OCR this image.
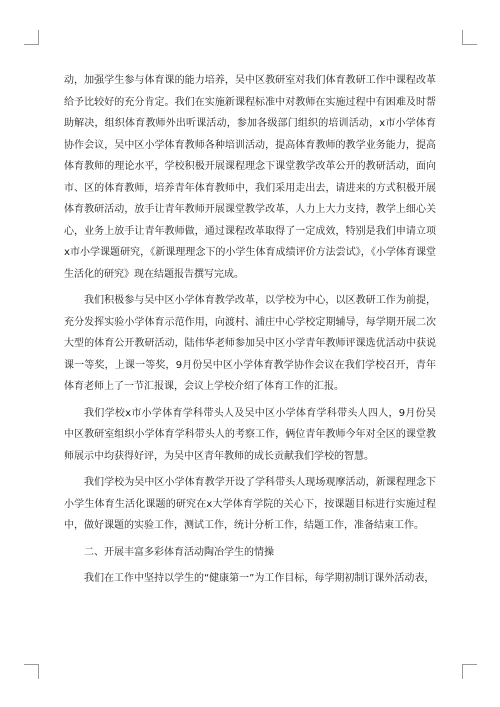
动，加强学生参与体育课的能力培养，吴中区教研室对我们体育教研工作中课程改革给予比较好的充分肯定。我们在实施新课程标准中对教师在实施过程中有困难及时帮助解决，组织体育教师外出听课活动，参加各级部门组织的培训活动，x市小学体育协作会议，吴中区小学体育教师各种培训活动，提高体育教师的教学业务能力，提高体育教师的理论水平，学校积极开展课程理念下课堂教学改革公开的教研活动，面向市、区的体育教师，培养青年体育教师中，我们采用走出去，请进来的方式积极开展体育教研活动，放手让青年教师开展课堂教学改革，人力上大力支持，教学上细心关心，业务上放手让青年教师做，通过课程改革取得了一定成效，特别是我们申请立项x市小学课题研究，《新课理理念下的小学生体育成绩评价方法尝试》，《小学体育课堂生活化的研究》现在结题报告撰写完成。

我们积极参与吴中区小学体育教学改革，以学校为中心，以区教研工作为前提，充分发挥实验小学体育示范作用，向渡村、浦庄中心学校定期辅导，每学期开展二次大型的体育公开教研活动，陆伟华老师参加吴中区小学青年教师评课选优活动中获说课一等奖，上课一等奖，9月份吴中区小学体育教学协作会议在我们学校召开，青年体育老师上了一节汇报课，会议上学校介绍了体育工作的汇报。

我们学校x市小学体育学科带头人及吴中区小学体育学科带头人四人，9月份吴中区教研室组织小学体育学科带头人的考察工作，俩位青年教师今年对全区的课堂教师展示中均获得好评，为吴中区青年教师的成长贡献我们学校的智慧。

我们学校为吴中区小学体育教学开设了学科带头人现场观摩活动，新课程理念下小学生体育生活化课题的研究在x大学体育学院的关心下，按课题目标进行实施过程中，做好课题的实验工作，测试工作，统计分析工作，结题工作，准备结束工作。

二、开展丰富多彩体育活动陶冶学生的情操

我们在工作中坚持以学生的“健康第一”为工作目标，每学期初制订课外活动表，
